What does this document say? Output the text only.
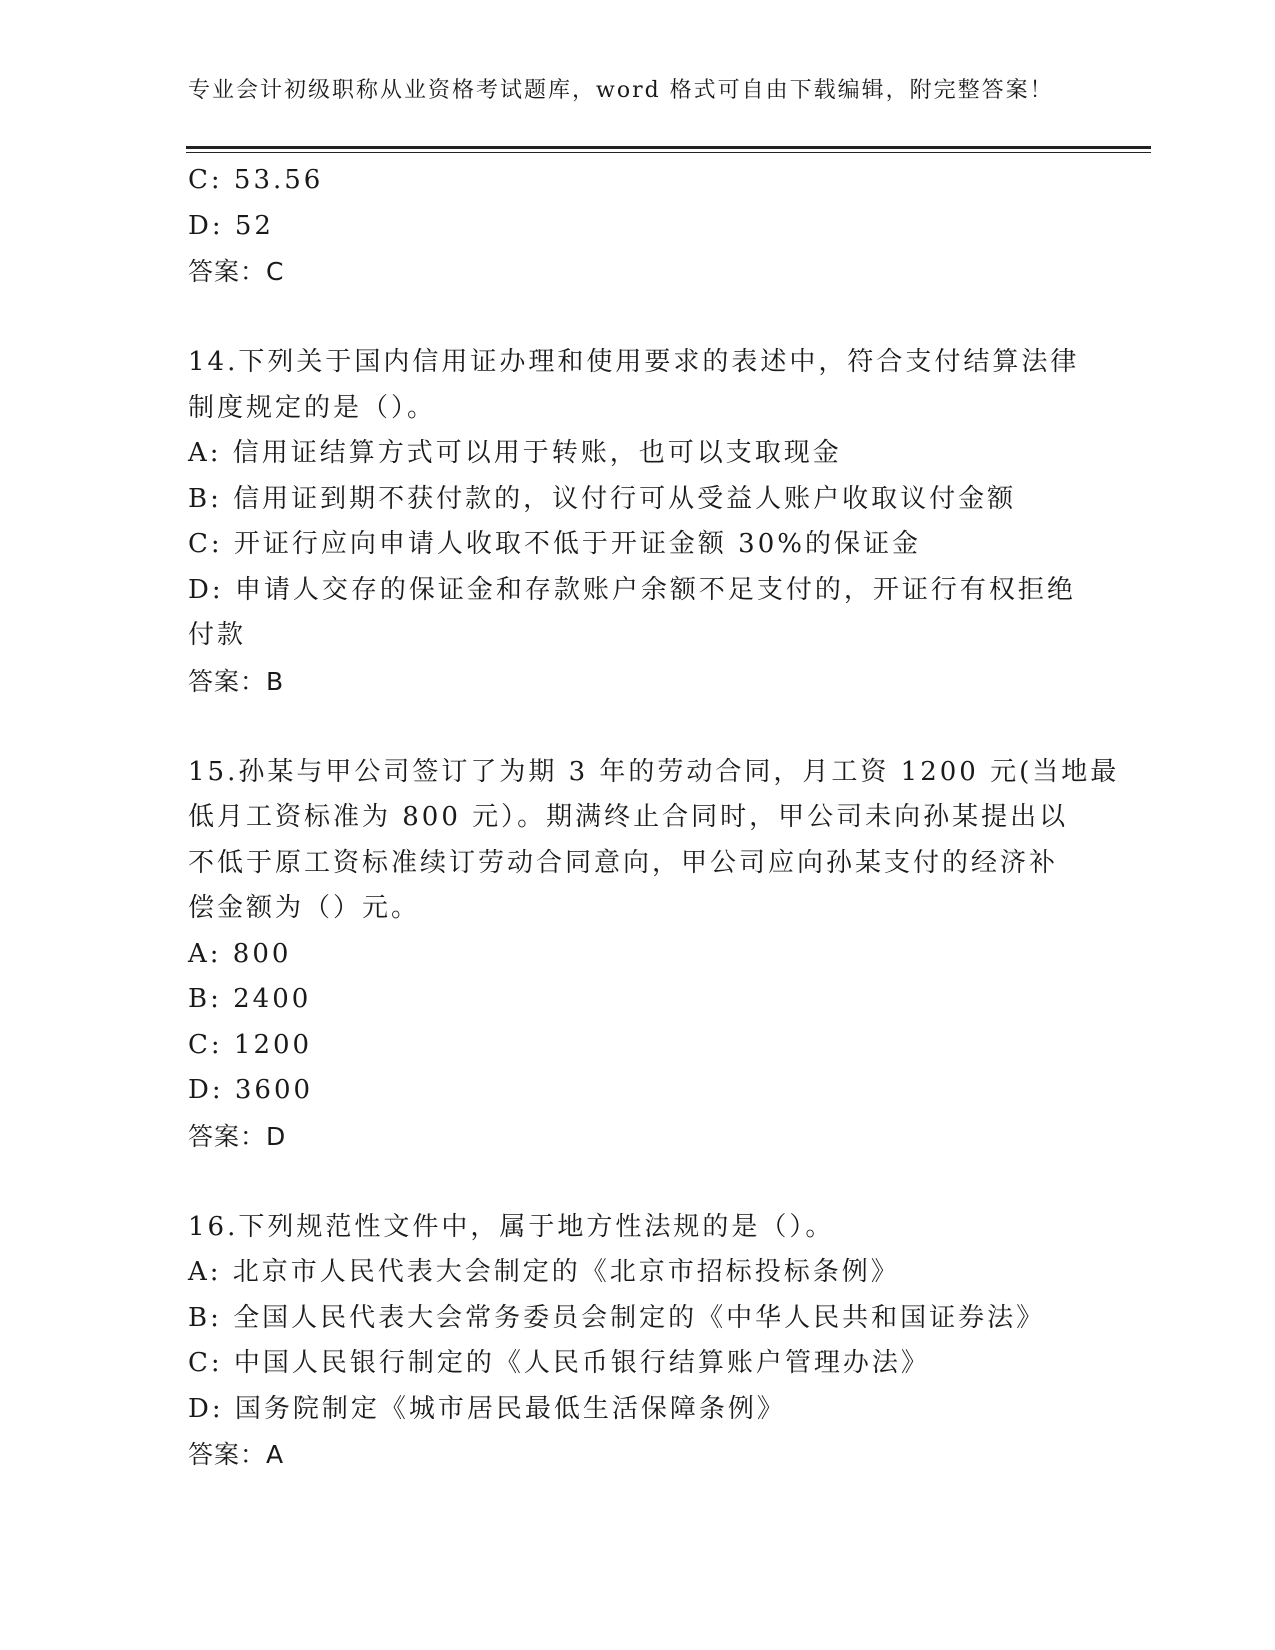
专业会计初级职称从业资格考试题库，word 格式可自由下载编辑，附完整答案！
C: 53.56
D: 52
答案：C
14.下列关于国内信用证办理和使用要求的表述中，符合支付结算法律
制度规定的是（）。
A: 信用证结算方式可以用于转账，也可以支取现金
B: 信用证到期不获付款的，议付行可从受益人账户收取议付金额
C: 开证行应向申请人收取不低于开证金额 30%的保证金
D: 申请人交存的保证金和存款账户余额不足支付的，开证行有权拒绝
付款
答案：B
15.孙某与甲公司签订了为期 3 年的劳动合同，月工资 1200 元(当地最
低月工资标准为 800 元）。期满终止合同时，甲公司未向孙某提出以
不低于原工资标准续订劳动合同意向，甲公司应向孙某支付的经济补
偿金额为（）元。
A: 800
B: 2400
C: 1200
D: 3600
答案：D
16.下列规范性文件中，属于地方性法规的是（）。
A: 北京市人民代表大会制定的《北京市招标投标条例》
B: 全国人民代表大会常务委员会制定的《中华人民共和国证券法》
C: 中国人民银行制定的《人民币银行结算账户管理办法》
D: 国务院制定《城市居民最低生活保障条例》
答案：A
